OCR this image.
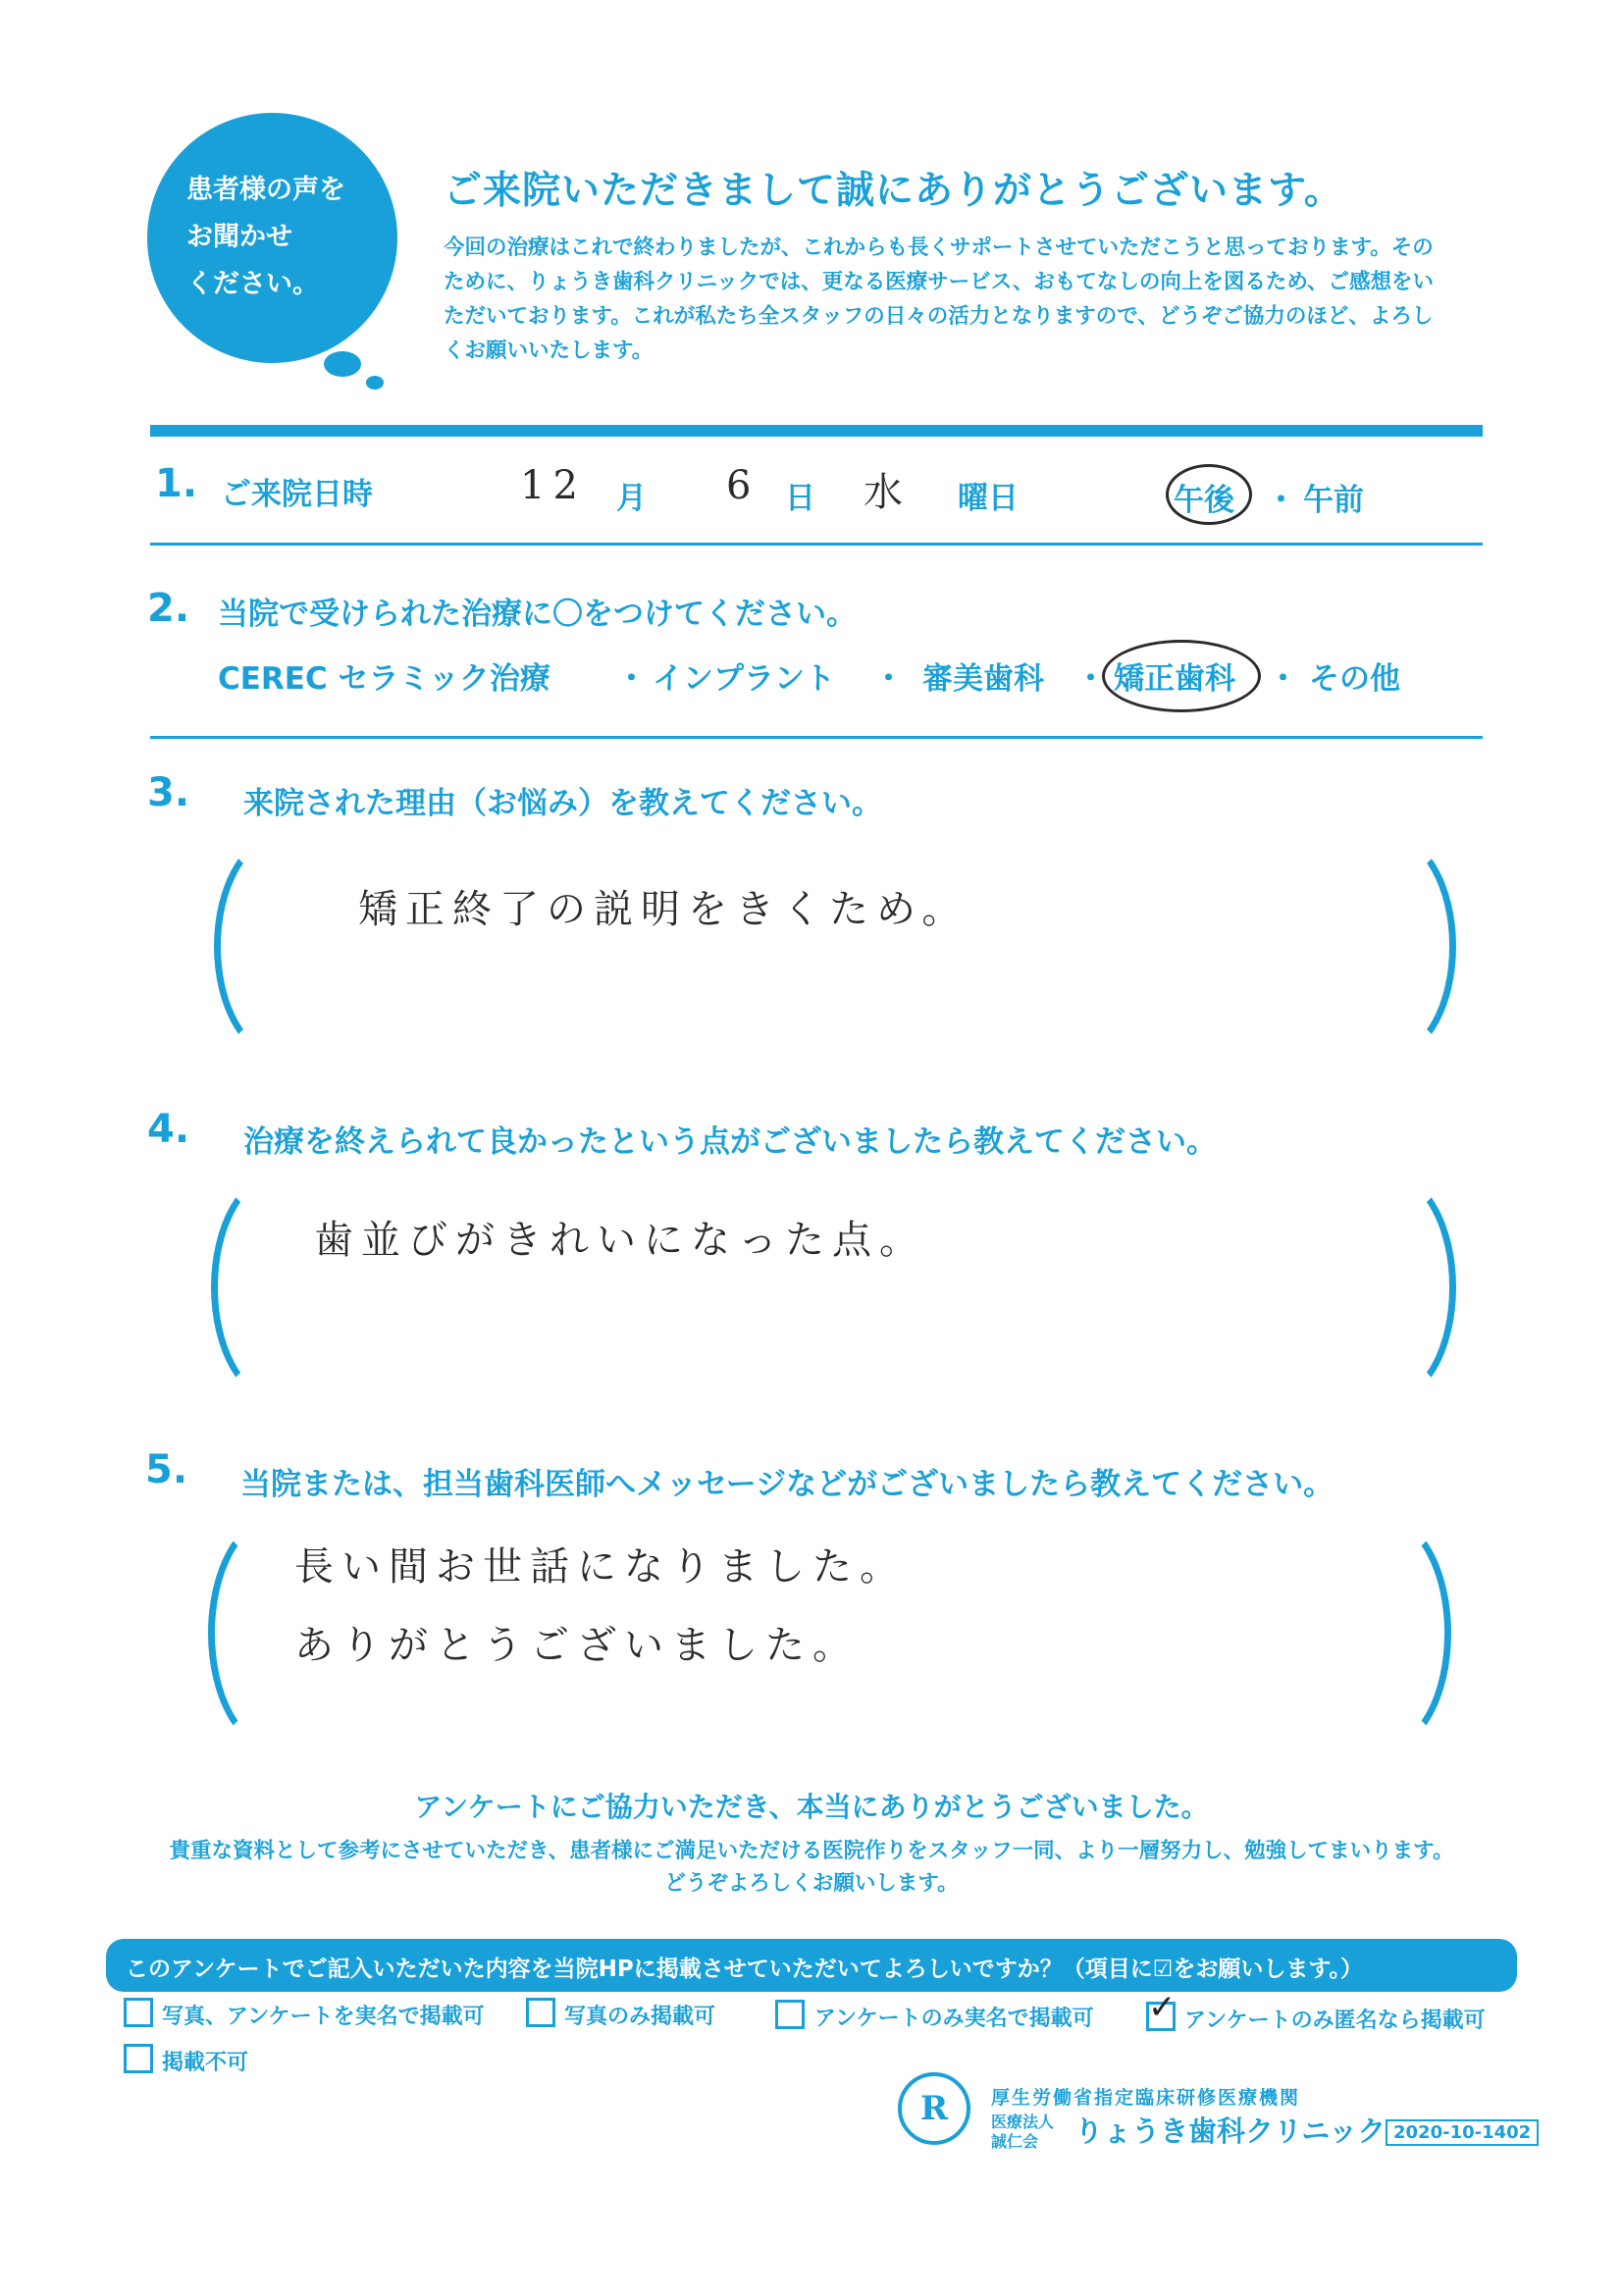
患者様の声を
お聞かせ
ください。
ご来院いただきまして誠にありがとうございます。
今回の治療はこれで終わりましたが、これからも長くサポートさせていただこうと思っております。そのために、りょうき歯科クリニックでは、更なる医療サービス、おもてなしの向上を図るため、ご感想をいただいております。これが私たち全スタッフの日々の活力となりますので、どうぞご協力のほど、よろしくお願いいたします。
1. ご来院日時	12 月 6 日 水 曜日	午後 ・ 午前
2. 当院で受けられた治療に〇をつけてください。
CEREC セラミック治療 ・ インプラント ・ 審美歯科 ・ 矯正歯科 ・ その他
3. 来院された理由（お悩み）を教えてください。
矯正終了の説明をきくため。
4. 治療を終えられて良かったという点がございましたら教えてください。
歯並びがきれいになった点。
5. 当院または、担当歯科医師へメッセージなどがございましたら教えてください。
長い間お世話になりました。
ありがとうございました。
アンケートにご協力いただき、本当にありがとうございました。
貴重な資料として参考にさせていただき、患者様にご満足いただける医院作りをスタッフ一同、より一層努力し、勉強してまいります。
どうぞよろしくお願いします。
このアンケートでご記入いただいた内容を当院HPに掲載させていただいてよろしいですか？（項目に☑をお願いします。）
写真、アンケートを実名で掲載可	写真のみ掲載可	アンケートのみ実名で掲載可 ✓ アンケートのみ匿名なら掲載可
掲載不可
R	厚生労働省指定臨床研修医療機関
医療法人
誠仁会 りょうき歯科クリニック 2020-10-1402
